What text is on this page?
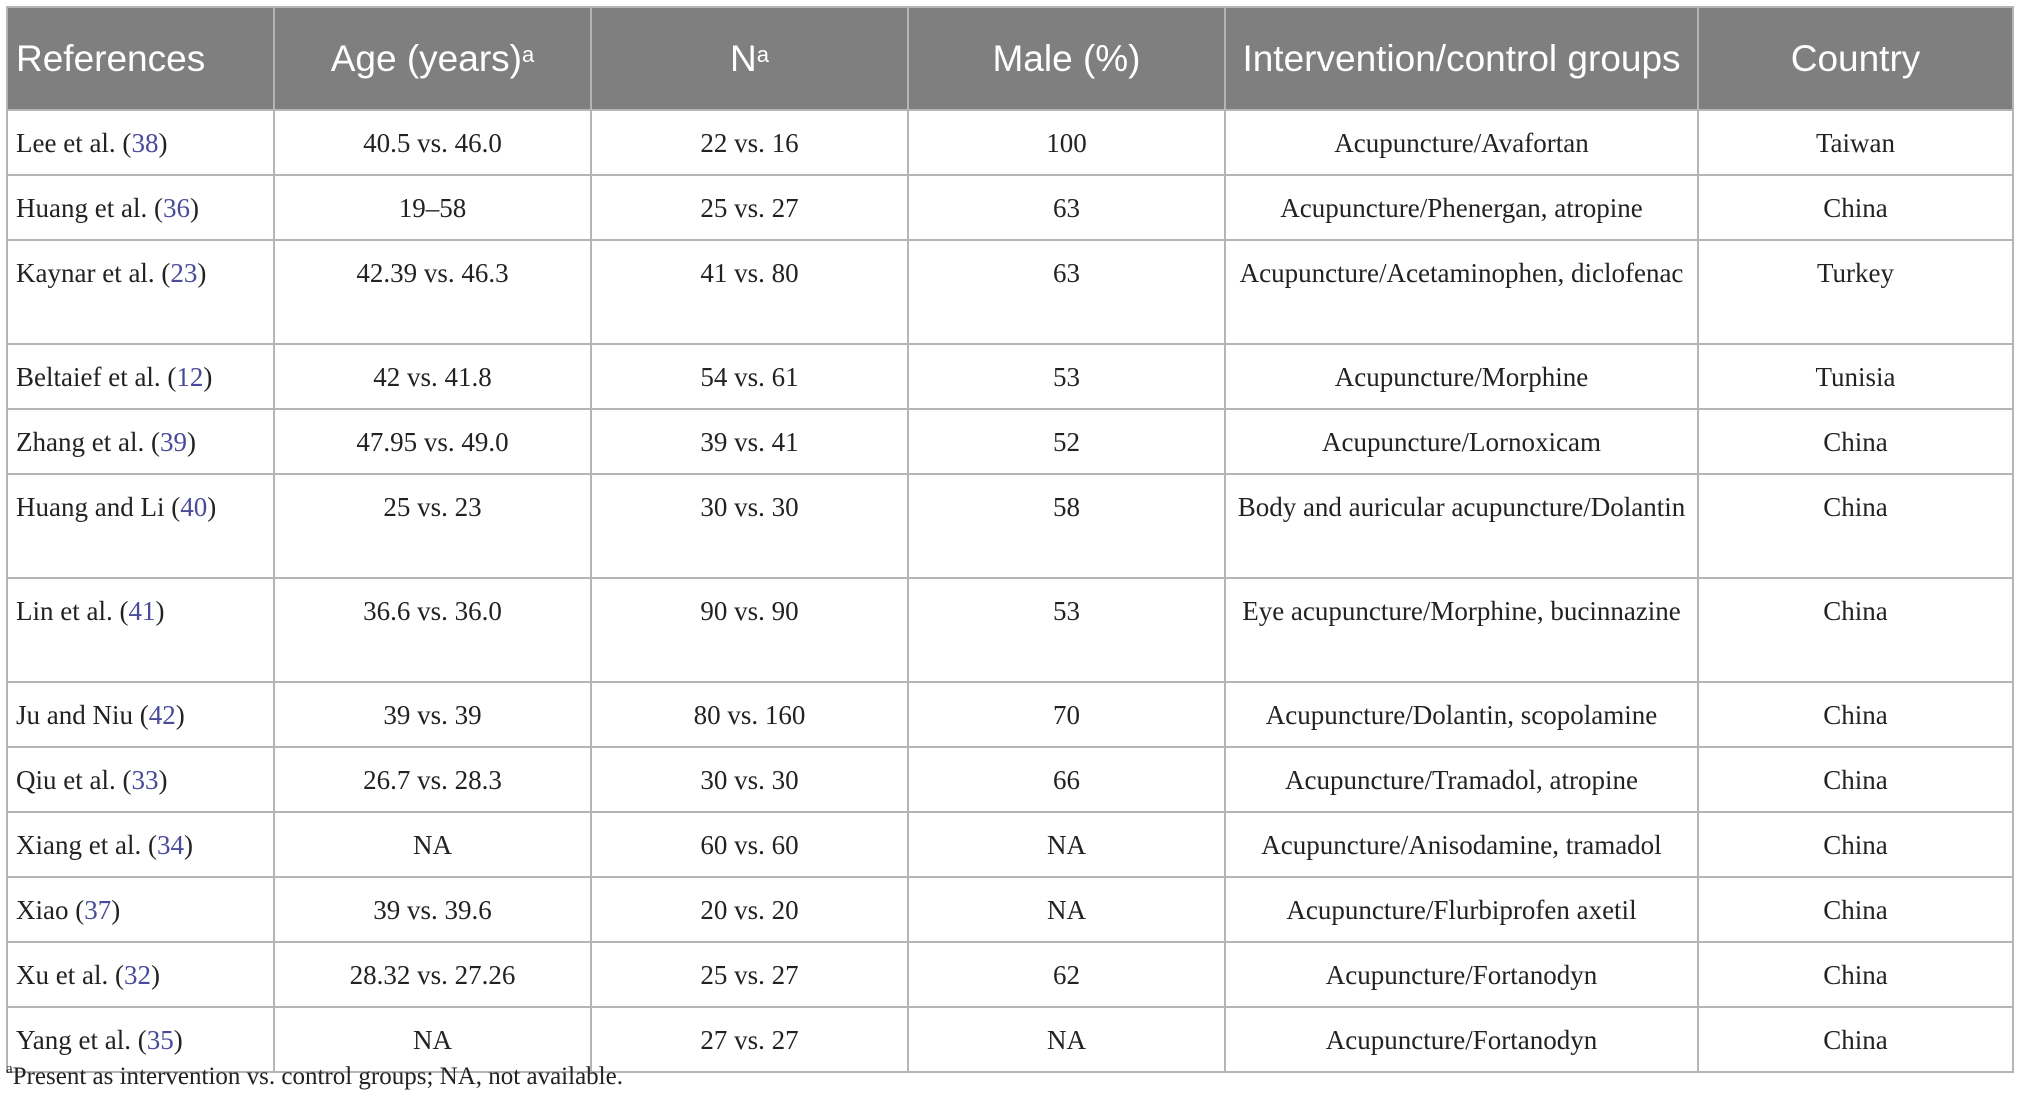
References	Age (years)$^a$	$N^a$	Male (%)	Intervention/control groups	Country
Lee et al. (38)	40.5 vs. 46.0	22 vs. 16	100	Acupuncture/Avafortan	Taiwan
Huang et al. (36)	19–58	25 vs. 27	63	Acupuncture/Phenergan, atropine	China
Kaynar et al. (23)	42.39 vs. 46.3	41 vs. 80	63	Acupuncture/Acetaminophen, diclofenac	Turkey
Beltaief et al. (12)	42 vs. 41.8	54 vs. 61	53	Acupuncture/Morphine	Tunisia
Zhang et al. (39)	47.95 vs. 49.0	39 vs. 41	52	Acupuncture/Lornoxicam	China
Huang and Li (40)	25 vs. 23	30 vs. 30	58	Body and auricular acupuncture/Dolantin	China
Lin et al. (41)	36.6 vs. 36.0	90 vs. 90	53	Eye acupuncture/Morphine, bucinnazine	China
Ju and Niu (42)	39 vs. 39	80 vs. 160	70	Acupuncture/Dolantin, scopolamine	China
Qiu et al. (33)	26.7 vs. 28.3	30 vs. 30	66	Acupuncture/Tramadol, atropine	China
Xiang et al. (34)	NA	60 vs. 60	NA	Acupuncture/Anisodamine, tramadol	China
Xiao (37)	39 vs. 39.6	20 vs. 20	NA	Acupuncture/Flurbiprofen axetil	China
Xu et al. (32)	28.32 vs. 27.26	25 vs. 27	62	Acupuncture/Fortanodyn	China
Yang et al. (35)	NA	27 vs. 27	NA	Acupuncture/Fortanodyn	China
$^a$Present as intervention vs. control groups; NA, not available.
